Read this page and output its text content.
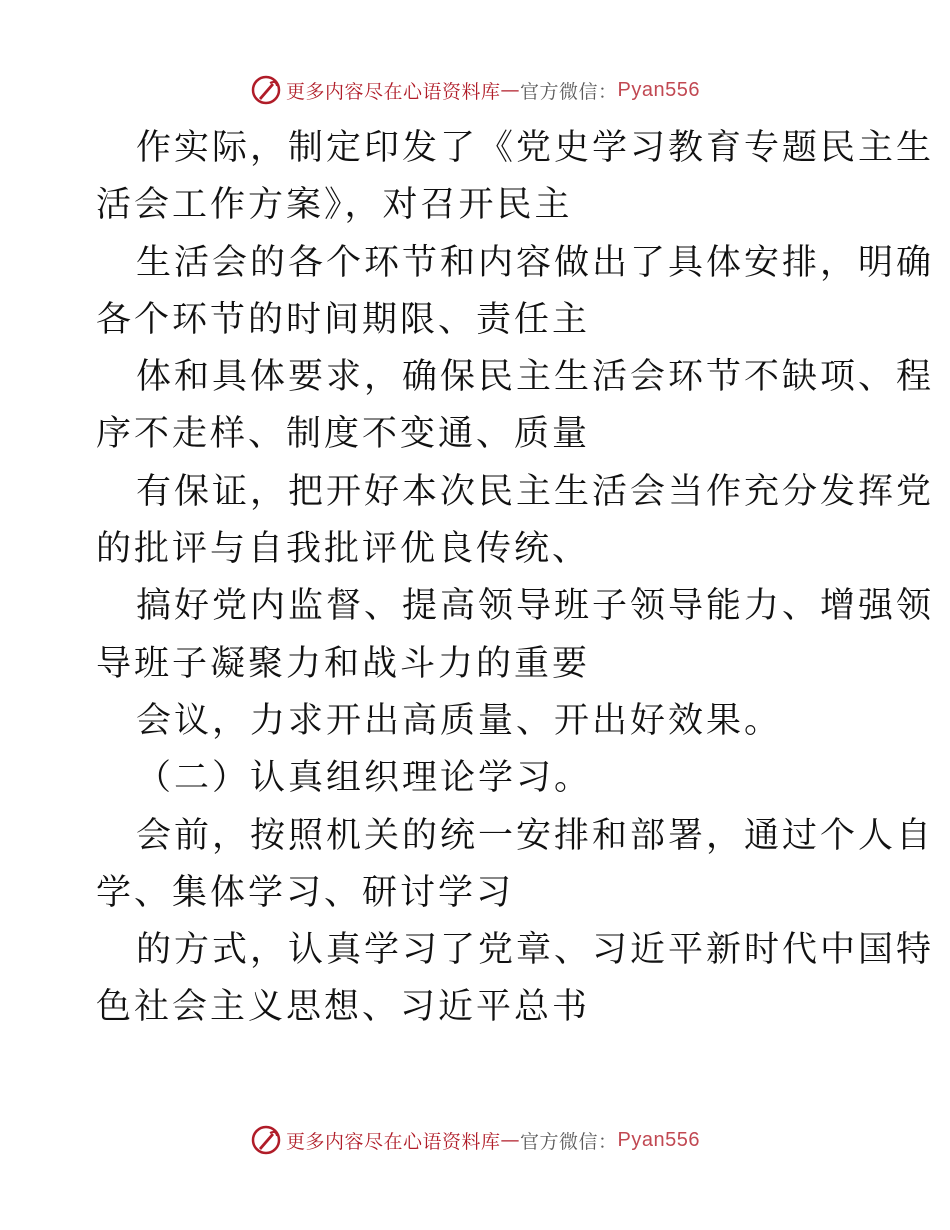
更多内容尽在心语资料库 — 官方微信： Pyan556
作实际，制定印发了《党史学习教育专题民主生
活会工作方案》，对召开民主
生活会的各个环节和内容做出了具体安排，明确
各个环节的时间期限、责任主
体和具体要求，确保民主生活会环节不缺项、程
序不走样、制度不变通、质量
有保证，把开好本次民主生活会当作充分发挥党
的批评与自我批评优良传统、
搞好党内监督、提高领导班子领导能力、增强领
导班子凝聚力和战斗力的重要
会议，力求开出高质量、开出好效果。
（二）认真组织理论学习。
会前，按照机关的统一安排和部署，通过个人自
学、集体学习、研讨学习
的方式，认真学习了党章、习近平新时代中国特
色社会主义思想、习近平总书
更多内容尽在心语资料库 — 官方微信： Pyan556
